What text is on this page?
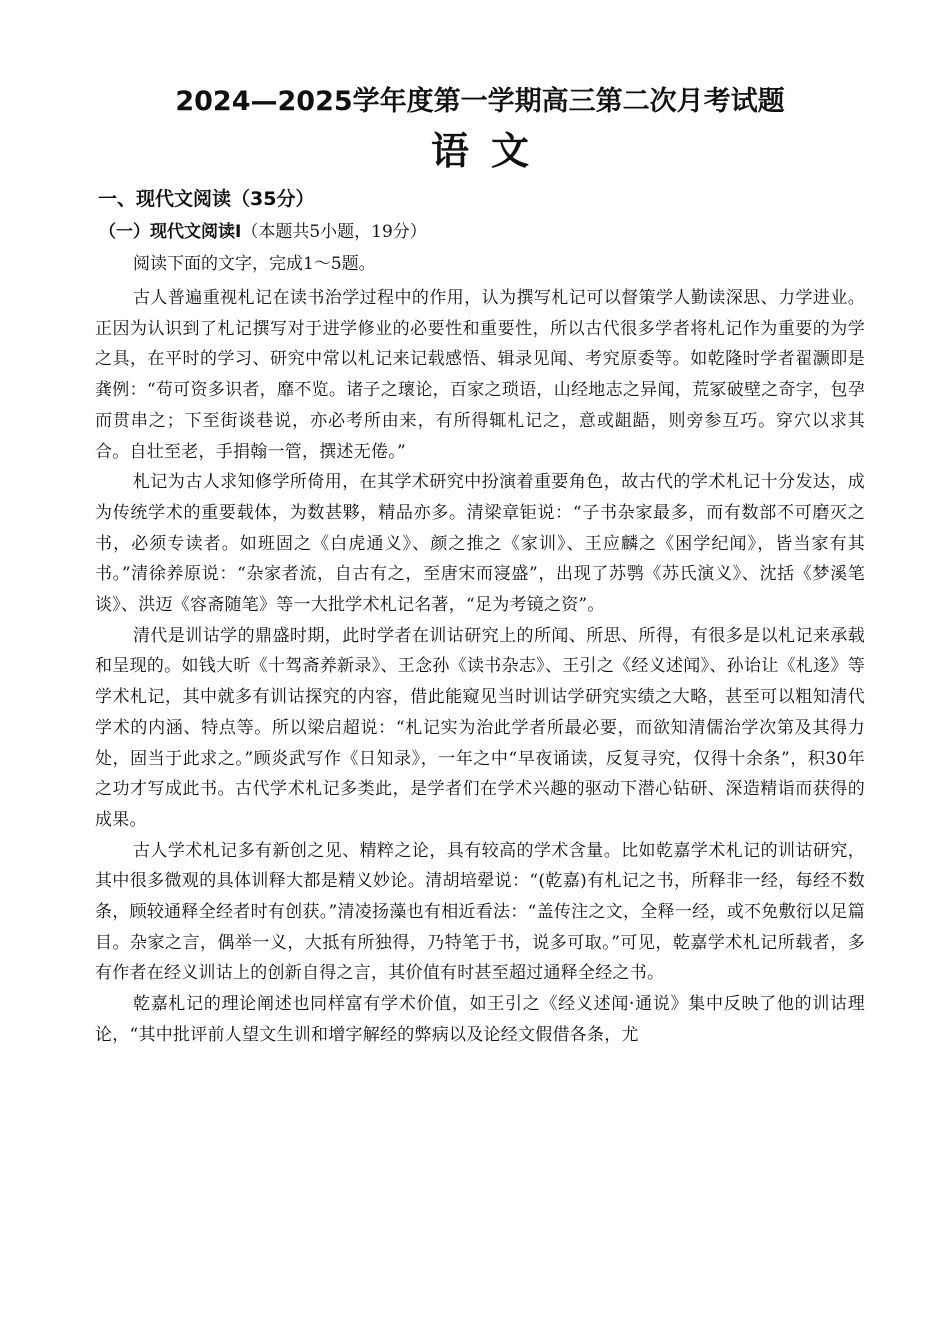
2024—2025学年度第一学期高三第二次月考试题
语文
一、现代文阅读（35分）
（一）现代文阅读Ⅰ（本题共5小题，19分）

阅读下面的文字，完成1～5题。

古人普遍重视札记在读书治学过程中的作用，认为撰写札记可以督策学人勤读深思、力学进业。正因为认识到了札记撰写对于进学修业的必要性和重要性，所以古代很多学者将札记作为重要的为学之具，在平时的学习、研究中常以札记来记载感悟、辑录见闻、考究原委等。如乾隆时学者翟灏即是龚例：“苟可资多识者，靡不览。诸子之瓌论，百家之琐语，山经地志之异闻，荒冢破壁之奇字，包孕而贯串之；下至街谈巷说，亦必考所由来，有所得辄札记之，意或龃龉，则旁参互巧。穿穴以求其合。自壮至老，手捐翰一管，撰述无倦。”

札记为古人求知修学所倚用，在其学术研究中扮演着重要角色，故古代的学术札记十分发达，成为传统学术的重要载体，为数甚夥，精品亦多。清梁章钜说：“子书杂家最多，而有数部不可磨灭之书，必须专读者。如班固之《白虎通义》、颜之推之《家训》、王应麟之《困学纪闻》，皆当家有其书。”清徐养原说：“杂家者流，自古有之，至唐宋而寖盛”，出现了苏鹗《苏氏演义》、沈括《梦溪笔谈》、洪迈《容斋随笔》等一大批学术札记名著，“足为考镜之资”。

清代是训诂学的鼎盛时期，此时学者在训诂研究上的所闻、所思、所得，有很多是以札记来承载和呈现的。如钱大昕《十驾斋养新录》、王念孙《读书杂志》、王引之《经义述闻》、孙诒让《札迻》等学术札记，其中就多有训诂探究的内容，借此能窥见当时训诂学研究实绩之大略，甚至可以粗知清代学术的内涵、特点等。所以梁启超说：“札记实为治此学者所最必要，而欲知清儒治学次第及其得力处，固当于此求之。”顾炎武写作《日知录》，一年之中“早夜诵读，反复寻究，仅得十余条”，积30年之功才写成此书。古代学术札记多类此，是学者们在学术兴趣的驱动下潜心钻研、深造精诣而获得的成果。

古人学术札记多有新创之见、精粹之论，具有较高的学术含量。比如乾嘉学术札记的训诂研究，其中很多微观的具体训释大都是精义妙论。清胡培翚说：“(乾嘉)有札记之书，所释非一经，每经不数条，顾较通释全经者时有创获。”清凌扬藻也有相近看法：“盖传注之文，全释一经，或不免敷衍以足篇目。杂家之言，偶举一义，大抵有所独得，乃特笔于书，说多可取。”可见，乾嘉学术札记所载者，多有作者在经义训诂上的创新自得之言，其价值有时甚至超过通释全经之书。

乾嘉札记的理论阐述也同样富有学术价值，如王引之《经义述闻·通说》集中反映了他的训诂理论，“其中批评前人望文生训和增字解经的弊病以及论经文假借各条，尤
